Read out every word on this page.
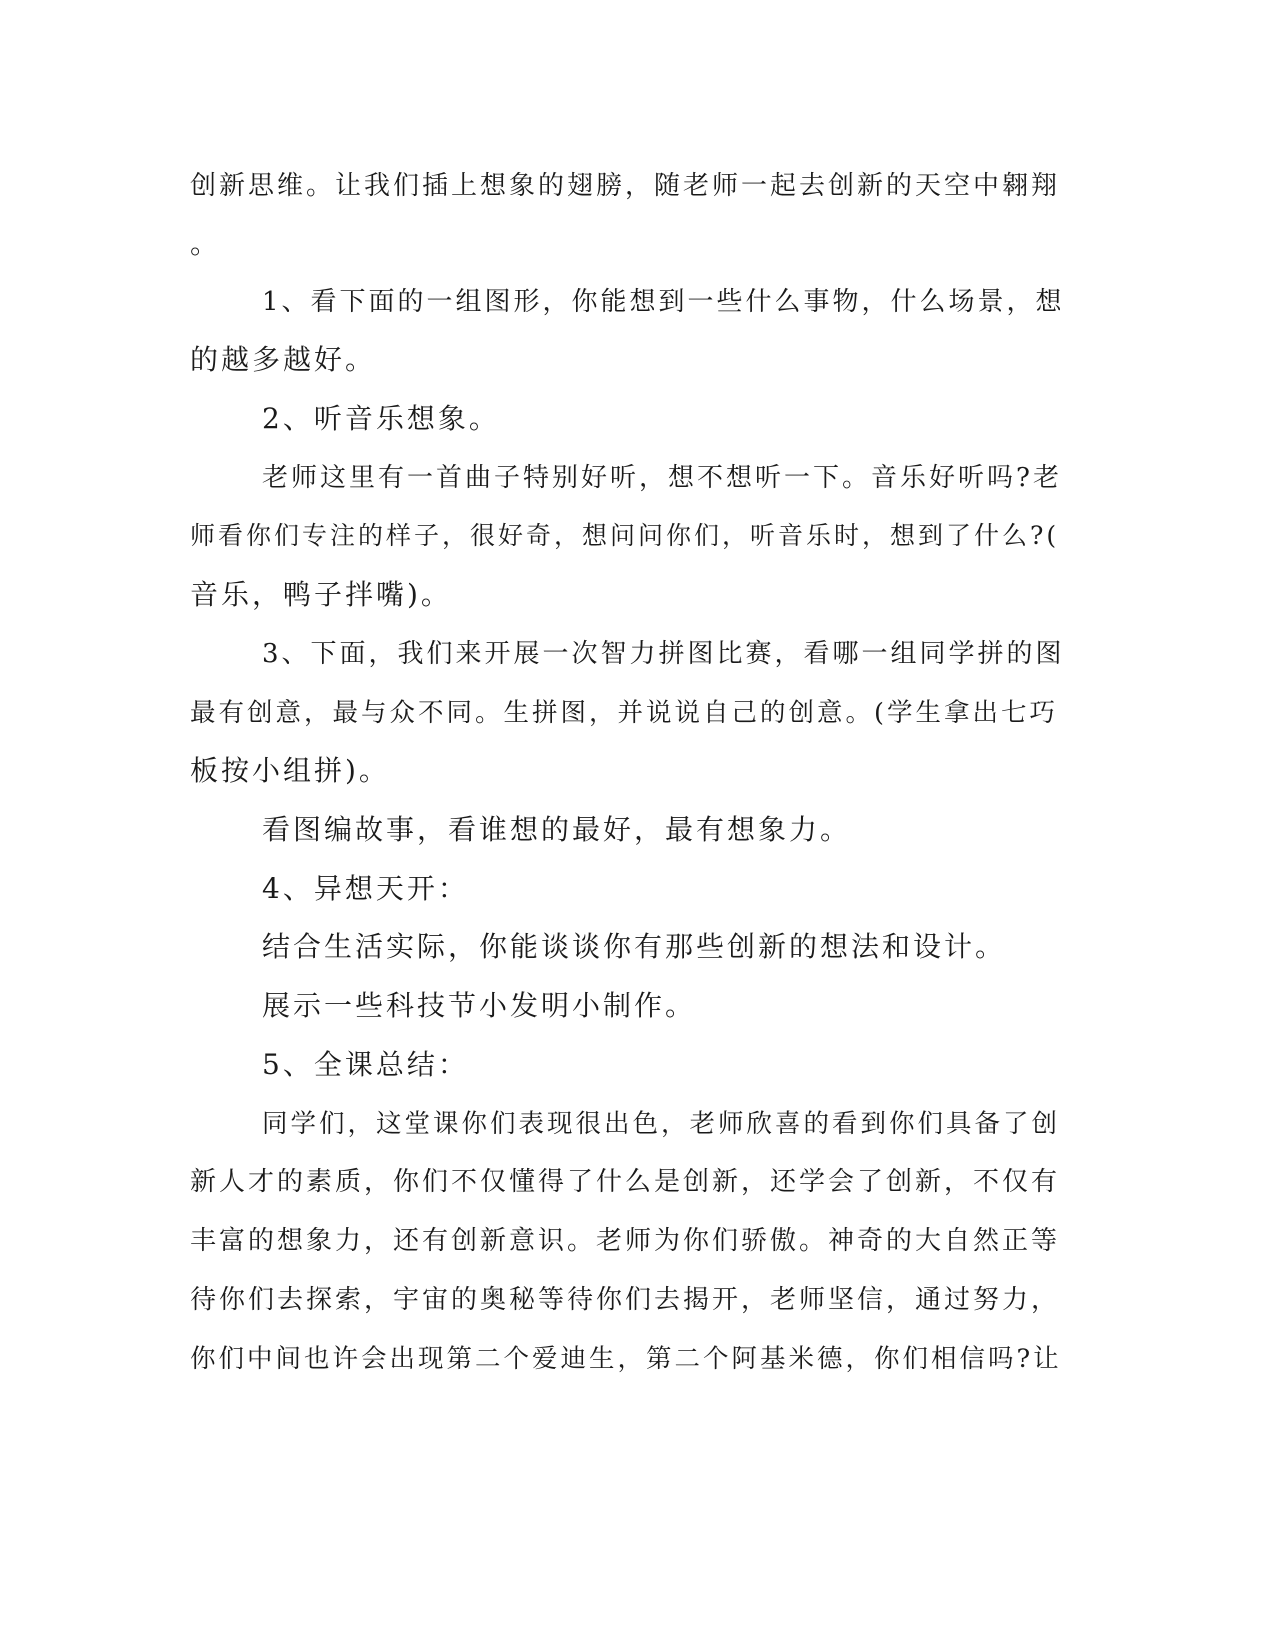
创新思维。让我们插上想象的翅膀，随老师一起去创新的天空中翱翔
。
1、看下面的一组图形，你能想到一些什么事物，什么场景，想
的越多越好。
2、听音乐想象。
老师这里有一首曲子特别好听，想不想听一下。音乐好听吗?老
师看你们专注的样子，很好奇，想问问你们，听音乐时，想到了什么?(
音乐，鸭子拌嘴)。
3、下面，我们来开展一次智力拼图比赛，看哪一组同学拼的图
最有创意，最与众不同。生拼图，并说说自己的创意。(学生拿出七巧
板按小组拼)。
看图编故事，看谁想的最好，最有想象力。
4、异想天开：
结合生活实际，你能谈谈你有那些创新的想法和设计。
展示一些科技节小发明小制作。
5、全课总结：
同学们，这堂课你们表现很出色，老师欣喜的看到你们具备了创
新人才的素质，你们不仅懂得了什么是创新，还学会了创新，不仅有
丰富的想象力，还有创新意识。老师为你们骄傲。神奇的大自然正等
待你们去探索，宇宙的奥秘等待你们去揭开，老师坚信，通过努力，
你们中间也许会出现第二个爱迪生，第二个阿基米德，你们相信吗?让
